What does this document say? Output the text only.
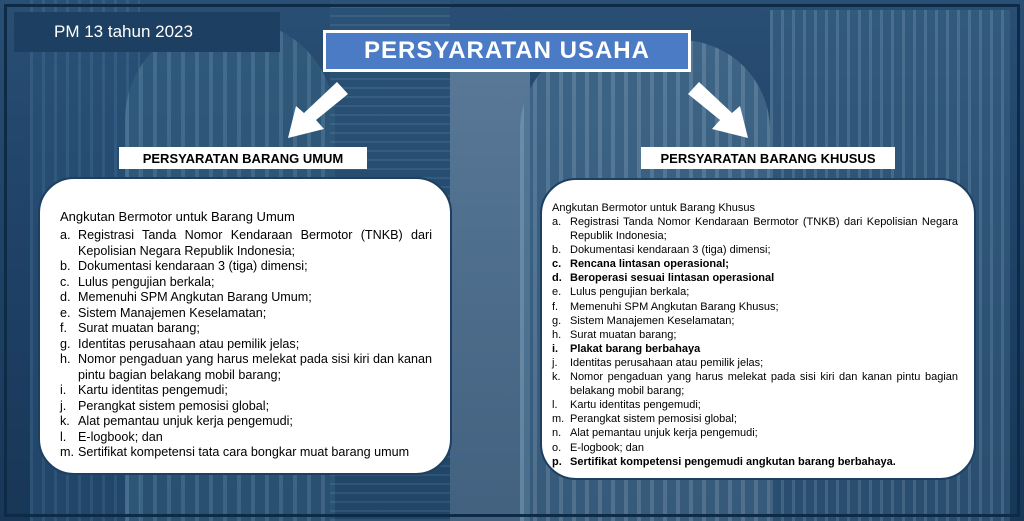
PM 13 tahun 2023
PERSYARATAN USAHA
PERSYARATAN BARANG UMUM	PERSYARATAN BARANG KHUSUS
Angkutan Bermotor untuk Barang Umum
a. Registrasi Tanda Nomor Kendaraan Bermotor (TNKB) dari Kepolisian Negara Republik Indonesia;
b. Dokumentasi kendaraan 3 (tiga) dimensi;
c. Lulus pengujian berkala;
d. Memenuhi SPM Angkutan Barang Umum;
e. Sistem Manajemen Keselamatan;
f. Surat muatan barang;
g. Identitas perusahaan atau pemilik jelas;
h. Nomor pengaduan yang harus melekat pada sisi kiri dan kanan pintu bagian belakang mobil barang;
i. Kartu identitas pengemudi;
j. Perangkat sistem pemosisi global;
k. Alat pemantau unjuk kerja pengemudi;
l. E-logbook; dan
m. Sertifikat kompetensi tata cara bongkar muat barang umum
Angkutan Bermotor untuk Barang Khusus
a. Registrasi Tanda Nomor Kendaraan Bermotor (TNKB) dari Kepolisian Negara Republik Indonesia;
b. Dokumentasi kendaraan 3 (tiga) dimensi;
c. Rencana lintasan operasional;
d. Beroperasi sesuai lintasan operasional
e. Lulus pengujian berkala;
f.	Memenuhi SPM Angkutan Barang Khusus;
g. Sistem Manajemen Keselamatan;
h. Surat muatan barang;
i.	Plakat barang berbahaya
j.	Identitas perusahaan atau pemilik jelas;
k. Nomor pengaduan yang harus melekat pada sisi kiri dan kanan pintu bagian belakang mobil barang;
l.	Kartu identitas pengemudi;
m. Perangkat sistem pemosisi global;
n. Alat pemantau unjuk kerja pengemudi;
o. E-logbook; dan
p. Sertifikat kompetensi pengemudi angkutan barang berbahaya.
